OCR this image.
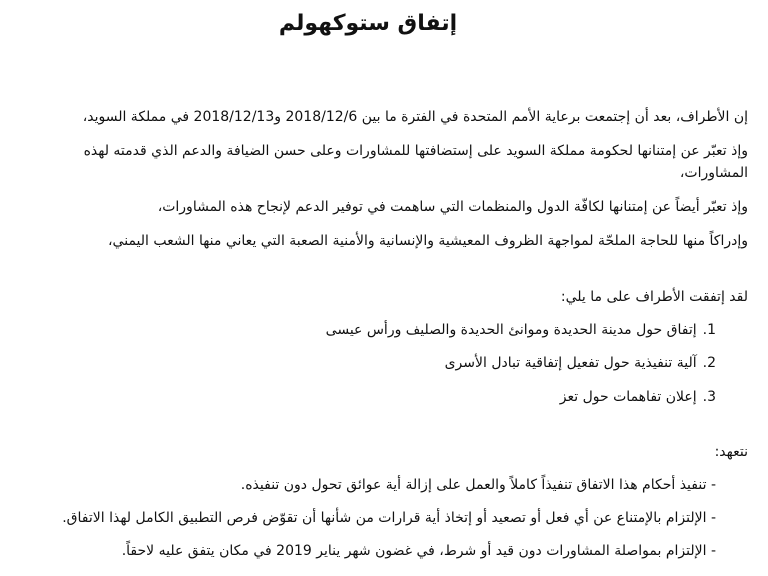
إتفاق ستوكهولم
إن الأطراف، بعد أن إجتمعت برعاية الأمم المتحدة في الفترة ما بين 2018/12/6 و2018/12/13 في مملكة السويد،
وإذ تعبّر عن إمتنانها لحكومة مملكة السويد على إستضافتها للمشاورات وعلى حسن الضيافة والدعم الذي قدمته لهذه
المشاورات،
وإذ تعبّر أيضاً عن إمتنانها لكافّة الدول والمنظمات التي ساهمت في توفير الدعم لإنجاح هذه المشاورات،
وإدراكاً منها للحاجة الملحّة لمواجهة الظروف المعيشية والإنسانية والأمنية الصعبة التي يعاني منها الشعب اليمني،
لقد إتفقت الأطراف على ما يلي:
1.إتفاق حول مدينة الحديدة وموانئ الحديدة والصليف ورأس عيسى
2.آلية تنفيذية حول تفعيل إتفاقية تبادل الأسرى
3.إعلان تفاهمات حول تعز
نتعهد:
- تنفيذ أحكام هذا الاتفاق تنفيذاً كاملاً والعمل على إزالة أية عوائق تحول دون تنفيذه.
- الإلتزام بالإمتناع عن أي فعل أو تصعيد أو إتخاذ أية قرارات من شأنها أن تقوّض فرص التطبيق الكامل لهذا الاتفاق.
- الإلتزام بمواصلة المشاورات دون قيد أو شرط، في غضون شهر يناير 2019 في مكان يتفق عليه لاحقاً.
